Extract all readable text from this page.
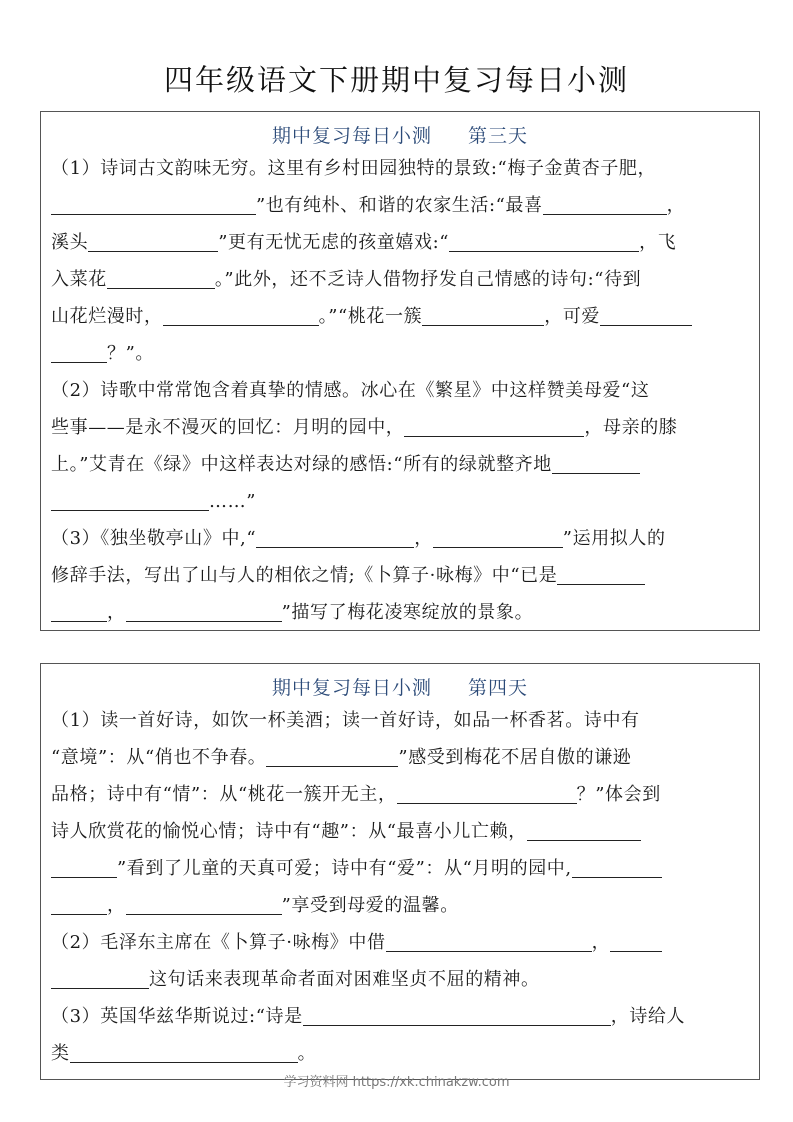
四年级语文下册期中复习每日小测
期中复习每日小测 第三天

（1）诗词古文韵味无穷。这里有乡村田园独特的景致:“梅子金黄杏子肥，
”也有纯朴、和谐的农家生活:“最喜	，
溪头	”更有无忧无虑的孩童嬉戏:“	，飞
入菜花	。”此外，还不乏诗人借物抒发自己情感的诗句:“待到
山花烂漫时，	。”“桃花一簇	，可爱
？”。

（2）诗歌中常常饱含着真挚的情感。冰心在《繁星》中这样赞美母爱“这
些事——是永不漫灭的回忆：月明的园中，	，母亲的膝
上。”艾青在《绿》中这样表达对绿的感悟:“所有的绿就整齐地
……”

（3）《独坐敬亭山》中,“	，	”运用拟人的
修辞手法，写出了山与人的相依之情;《卜算子·咏梅》中“已是
，	”描写了梅花凌寒绽放的景象。

期中复习每日小测 第四天

（1）读一首好诗，如饮一杯美酒；读一首好诗，如品一杯香茗。诗中有
“意境”：从“俏也不争春。	”感受到梅花不居自傲的谦逊
品格；诗中有“情”：从“桃花一簇开无主，	？”体会到
诗人欣赏花的愉悦心情；诗中有“趣”：从“最喜小儿亡赖，
”看到了儿童的天真可爱；诗中有“爱”：从“月明的园中,
，	”享受到母爱的温馨。

（2）毛泽东主席在《卜算子·咏梅》中借	，
这句话来表现革命者面对困难坚贞不屈的精神。

（3）英国华兹华斯说过:“诗是	，诗给人
类	。

学习资料网 https://xk.chinakzw.com
